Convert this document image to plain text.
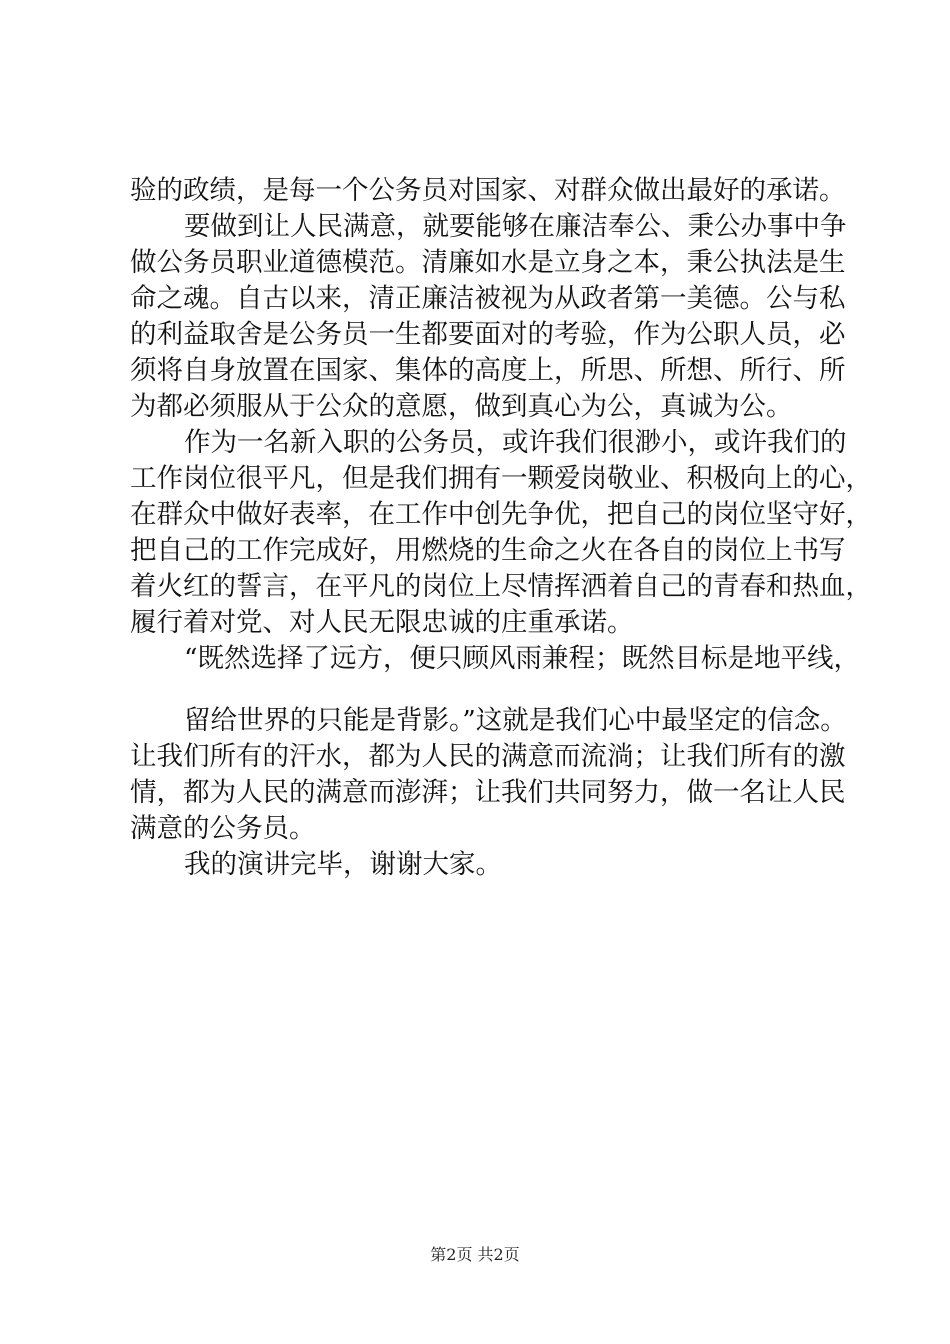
验的政绩，是每一个公务员对国家、对群众做出最好的承诺。
要做到让人民满意，就要能够在廉洁奉公、秉公办事中争
做公务员职业道德模范。清廉如水是立身之本，秉公执法是生
命之魂。自古以来，清正廉洁被视为从政者第一美德。公与私
的利益取舍是公务员一生都要面对的考验，作为公职人员，必
须将自身放置在国家、集体的高度上，所思、所想、所行、所
为都必须服从于公众的意愿，做到真心为公，真诚为公。
作为一名新入职的公务员，或许我们很渺小，或许我们的
工作岗位很平凡，但是我们拥有一颗爱岗敬业、积极向上的心，
在群众中做好表率，在工作中创先争优，把自己的岗位坚守好，
把自己的工作完成好，用燃烧的生命之火在各自的岗位上书写
着火红的誓言，在平凡的岗位上尽情挥洒着自己的青春和热血，
履行着对党、对人民无限忠诚的庄重承诺。
“既然选择了远方，便只顾风雨兼程；既然目标是地平线，
留给世界的只能是背影。”这就是我们心中最坚定的信念。
让我们所有的汗水，都为人民的满意而流淌；让我们所有的激
情，都为人民的满意而澎湃；让我们共同努力，做一名让人民
满意的公务员。
我的演讲完毕，谢谢大家。
第2页 共2页
